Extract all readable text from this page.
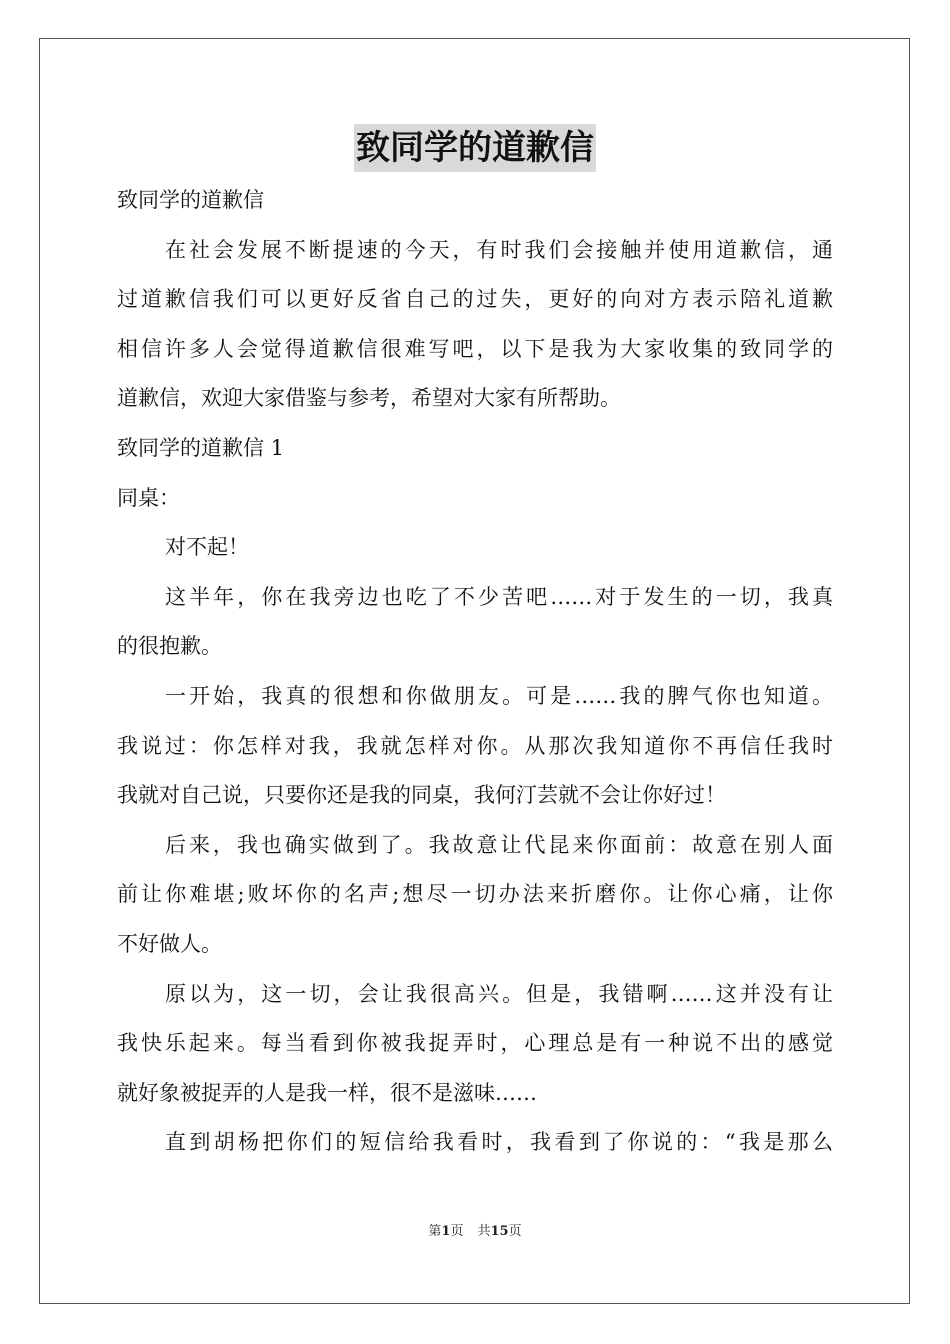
致同学的道歉信
致同学的道歉信
在社会发展不断提速的今天，有时我们会接触并使用道歉信，通
过道歉信我们可以更好反省自己的过失，更好的向对方表示陪礼道歉
相信许多人会觉得道歉信很难写吧，以下是我为大家收集的致同学的
道歉信，欢迎大家借鉴与参考，希望对大家有所帮助。
致同学的道歉信 1
同桌：
对不起！
这半年，你在我旁边也吃了不少苦吧……对于发生的一切，我真
的很抱歉。
一开始，我真的很想和你做朋友。可是……我的脾气你也知道。
我说过：你怎样对我，我就怎样对你。从那次我知道你不再信任我时
我就对自己说，只要你还是我的同桌，我何汀芸就不会让你好过！
后来，我也确实做到了。我故意让代昆来你面前：故意在别人面
前让你难堪;败坏你的名声;想尽一切办法来折磨你。让你心痛，让你
不好做人。
原以为，这一切，会让我很高兴。但是，我错啊……这并没有让
我快乐起来。每当看到你被我捉弄时，心理总是有一种说不出的感觉
就好象被捉弄的人是我一样，很不是滋味……
直到胡杨把你们的短信给我看时，我看到了你说的：“我是那么
第1页 共15页
